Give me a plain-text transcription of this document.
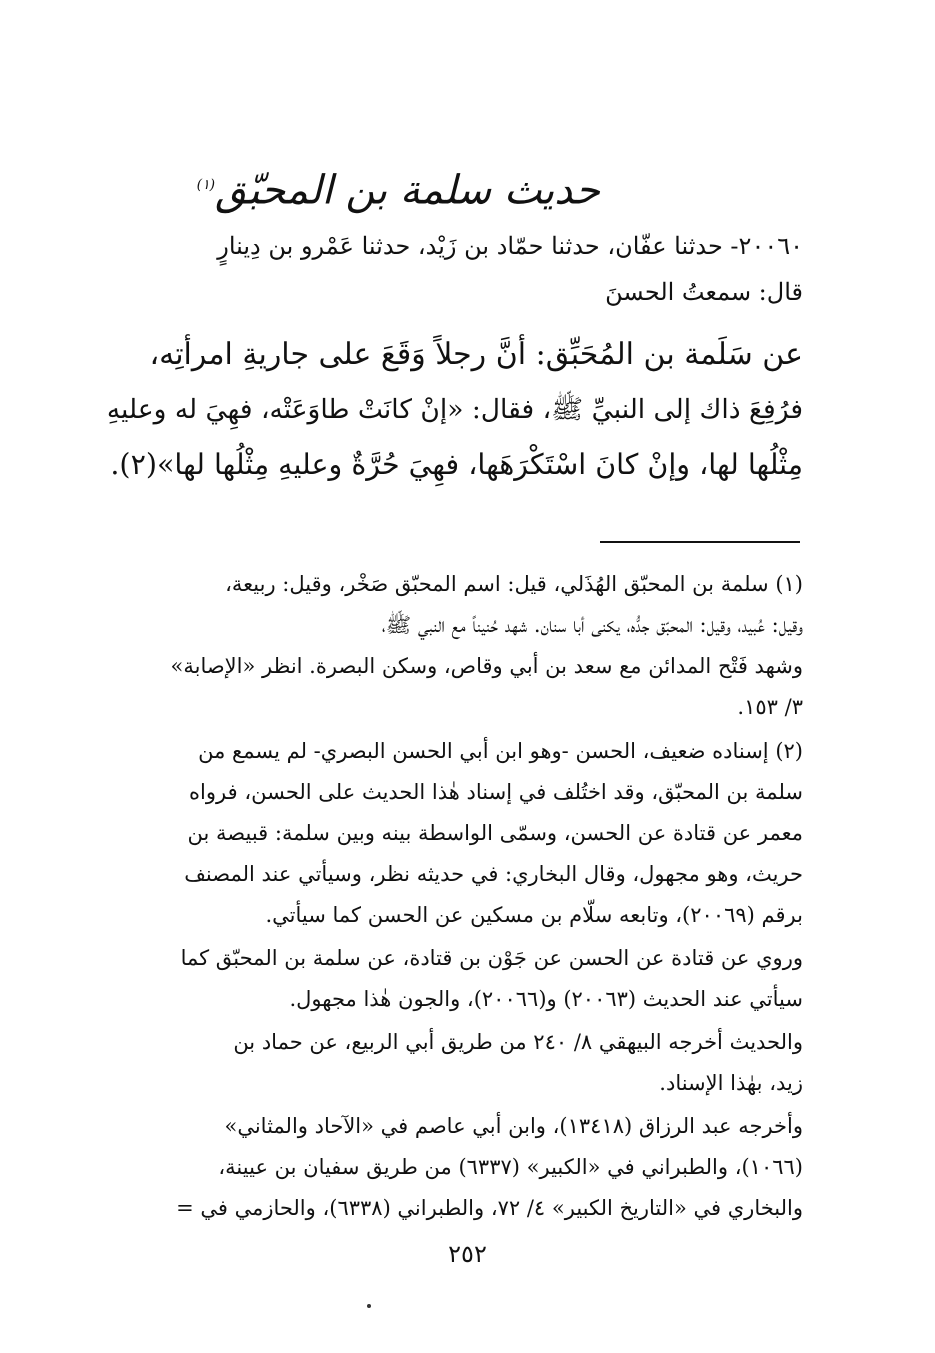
حديث سلمة بن المحبّق$^{(١)}$
٢٠٠٦٠- حدثنا عفّان، حدثنا حمّاد بن زَيْد، حدثنا عَمْرو بن دِينارٍ
قال: سمعتُ الحسنَ
عن سَلَمة بن المُحَبِّق: أنَّ رجلاً وَقَعَ على جاريةِ امرأتِه،
فرُفِعَ ذاك إلى النبيِّ ﷺ، فقال: «إنْ كانَتْ طاوَعَتْه، فهِيَ له وعليهِ
مِثْلُها لها، وإنْ كانَ اسْتَكْرَهَها، فهِيَ حُرَّةٌ وعليهِ مِثْلُها لها»(٢).
(١) سلمة بن المحبّق الهُذَلي، قيل: اسم المحبّق صَخْر، وقيل: ربيعة،
وقيل: عُبيد، وقيل: المحبّق جدُّه، يكنى أبا سنان. شهد حُنيناً مع النبي ﷺ،
وشهد فَتْح المدائن مع سعد بن أبي وقاص، وسكن البصرة. انظر «الإصابة»
٣/ ١٥٣.
(٢) إسناده ضعيف، الحسن -وهو ابن أبي الحسن البصري- لم يسمع من
سلمة بن المحبّق، وقد اختُلف في إسناد هٰذا الحديث على الحسن، فرواه
معمر عن قتادة عن الحسن، وسمّى الواسطة بينه وبين سلمة: قبيصة بن
حريث، وهو مجهول، وقال البخاري: في حديثه نظر، وسيأتي عند المصنف
برقم (٢٠٠٦٩)، وتابعه سلّام بن مسكين عن الحسن كما سيأتي.
وروي عن قتادة عن الحسن عن جَوْن بن قتادة، عن سلمة بن المحبّق كما
سيأتي عند الحديث (٢٠٠٦٣) و(٢٠٠٦٦)، والجون هٰذا مجهول.
والحديث أخرجه البيهقي ٨/ ٢٤٠ من طريق أبي الربيع، عن حماد بن
زيد، بهٰذا الإسناد.
وأخرجه عبد الرزاق (١٣٤١٨)، وابن أبي عاصم في «الآحاد والمثاني»
(١٠٦٦)، والطبراني في «الكبير» (٦٣٣٧) من طريق سفيان بن عيينة،
والبخاري في «التاريخ الكبير» ٤/ ٧٢، والطبراني (٦٣٣٨)، والحازمي في =
٢٥٢
